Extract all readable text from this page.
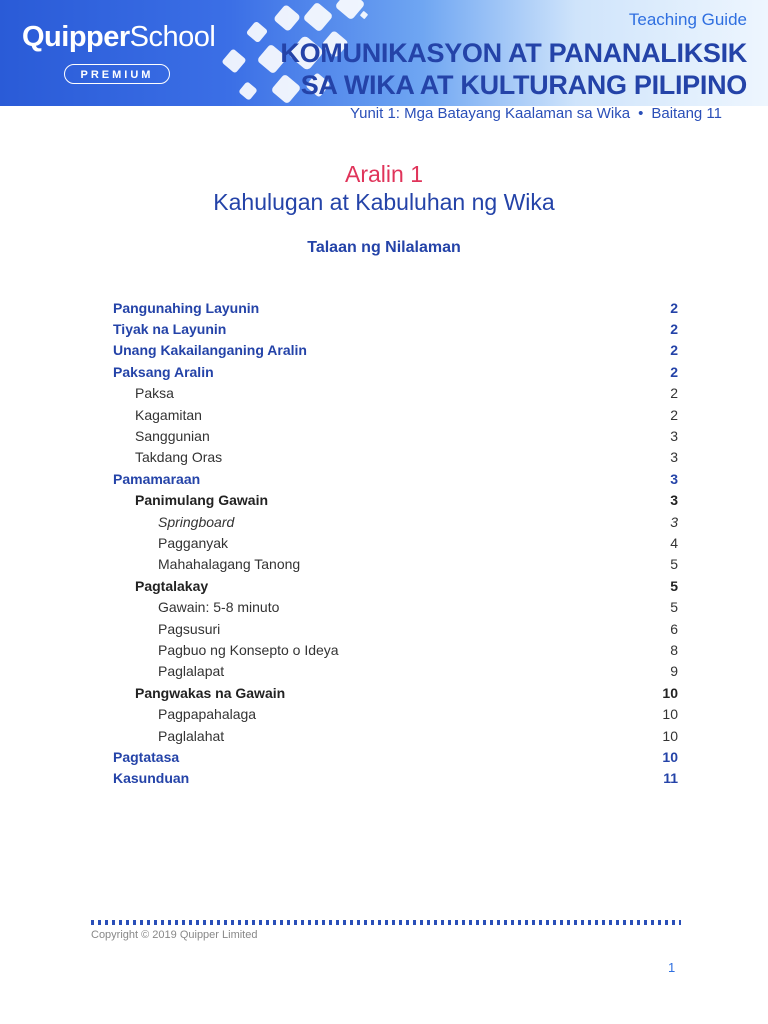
QuipperSchool
PREMIUM
Teaching Guide
KOMUNIKASYON AT PANANALIKSIK
SA WIKA AT KULTURANG PILIPINO
Yunit 1: Mga Batayang Kaalaman sa Wika • Baitang 11
Aralin 1
Kahulugan at Kabuluhan ng Wika
Talaan ng Nilalaman
Pangunahing Layunin	2
Tiyak na Layunin	2
Unang Kakailanganing Aralin	2
Paksang Aralin	2
Paksa	2
Kagamitan	2
Sanggunian	3
Takdang Oras	3
Pamamaraan	3
Panimulang Gawain	3
Springboard	3
Pagganyak	4
Mahahalagang Tanong	5
Pagtalakay	5
Gawain: 5-8 minuto	5
Pagsusuri	6
Pagbuo ng Konsepto o Ideya	8
Paglalapat	9
Pangwakas na Gawain	10
Pagpapahalaga	10
Paglalahat	10
Pagtatasa	10
Kasunduan	11
Copyright © 2019 Quipper Limited
1
